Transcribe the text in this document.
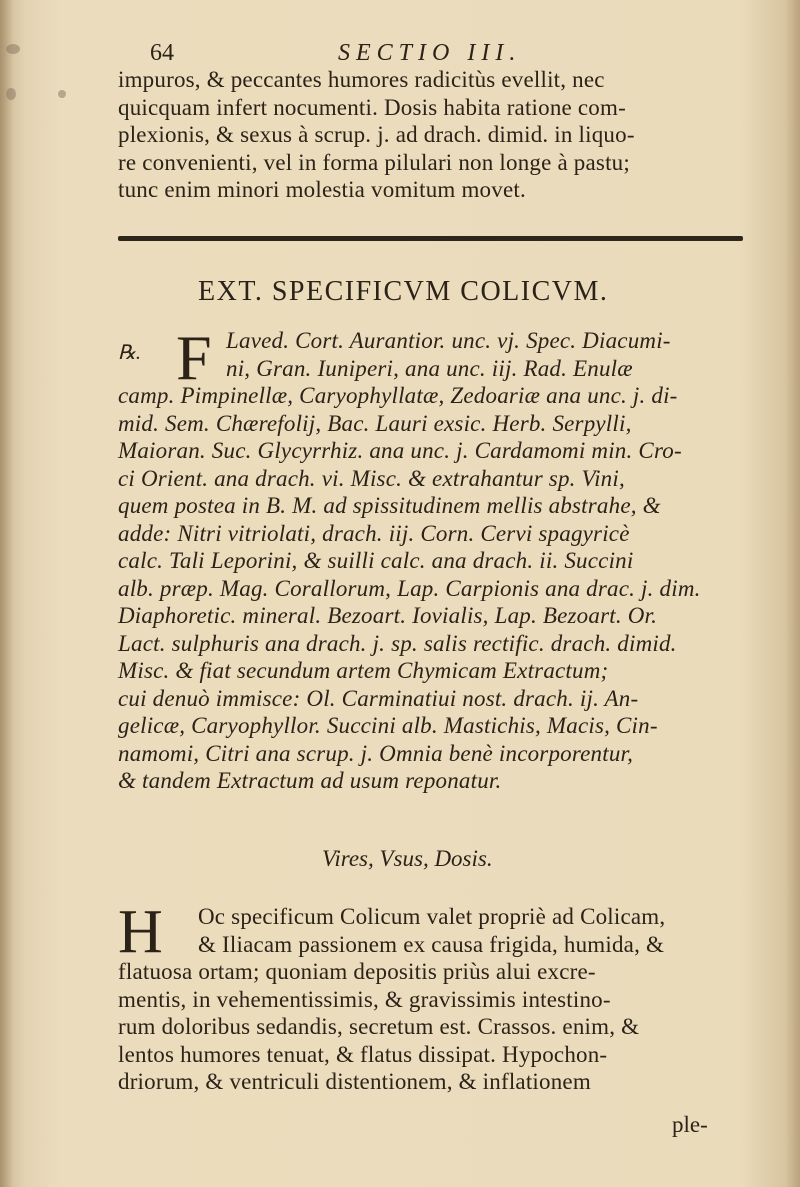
64	SECTIO III.
impuros, & peccantes humores radicitùs evellit, nec
quicquam infert nocumenti. Dosis habita ratione com-
plexionis, & sexus à scrup. j. ad drach. dimid. in liquo-
re convenienti, vel in forma pilulari non longe à pastu;
tunc enim minori molestia vomitum movet.
EXT. SPECIFICVM COLICVM.
℞. F Laved. Cort. Aurantior. unc. vj. Spec. Diacumi-
ni, Gran. Iuniperi, ana unc. iij. Rad. Enulæ
camp. Pimpinellæ, Caryophyllatæ, Zedoariæ ana unc. j. di-
mid. Sem. Chærefolij, Bac. Lauri exsic. Herb. Serpylli,
Maioran. Suc. Glycyrrhiz. ana unc. j. Cardamomi min. Cro-
ci Orient. ana drach. vi. Misc. & extrahantur sp. Vini,
quem postea in B. M. ad spissitudinem mellis abstrahe, &
adde: Nitri vitriolati, drach. iij. Corn. Cervi spagyricè
calc. Tali Leporini, & suilli calc. ana drach. ii. Succini
alb. præp. Mag. Corallorum, Lap. Carpionis ana drac. j. dim.
Diaphoretic. mineral. Bezoart. Iovialis, Lap. Bezoart. Or.
Lact. sulphuris ana drach. j. sp. salis rectific. drach. dimid.
Misc. & fiat secundum artem Chymicam Extractum;
cui denuò immisce: Ol. Carminatiui nost. drach. ij. An-
gelicæ, Caryophyllor. Succini alb. Mastichis, Macis, Cin-
namomi, Citri ana scrup. j. Omnia benè incorporentur,
& tandem Extractum ad usum reponatur.
Vires, Vsus, Dosis.
H	Oc specificum Colicum valet propriè ad Colicam,
& Iliacam passionem ex causa frigida, humida, &
flatuosa ortam; quoniam depositis priùs alui excre-
mentis, in vehementissimis, & gravissimis intestino-
rum doloribus sedandis, secretum est. Crassos. enim, &
lentos humores tenuat, & flatus dissipat. Hypochon-
driorum, & ventriculi distentionem, & inflationem
ple-
